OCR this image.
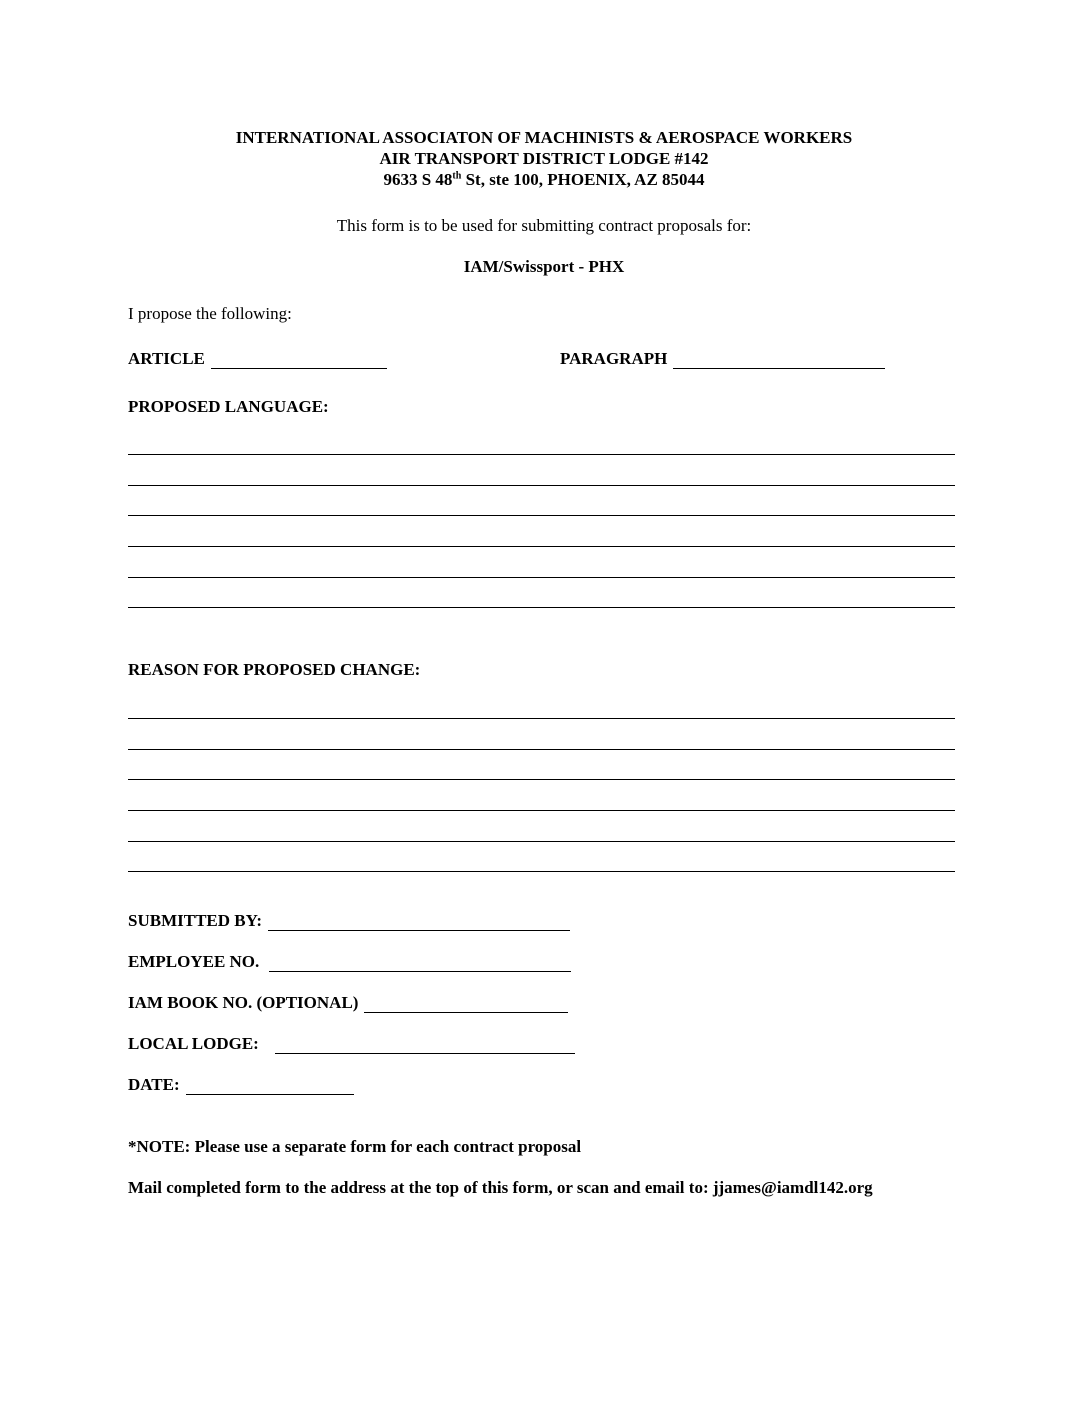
INTERNATIONAL ASSOCIATON OF MACHINISTS & AEROSPACE WORKERS
AIR TRANSPORT DISTRICT LODGE #142
9633 S 48th St, ste 100, PHOENIX, AZ 85044
This form is to be used for submitting contract proposals for:
IAM/Swissport - PHX
I propose the following:
ARTICLE	PARAGRAPH
PROPOSED LANGUAGE:
REASON FOR PROPOSED CHANGE:
SUBMITTED BY:
EMPLOYEE NO.
IAM BOOK NO. (OPTIONAL)
LOCAL LODGE:
DATE:
*NOTE: Please use a separate form for each contract proposal
Mail completed form to the address at the top of this form, or scan and email to: jjames@iamdl142.org
